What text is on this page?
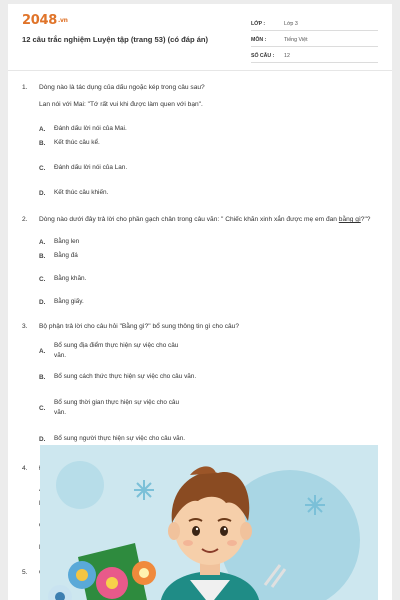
2048.vn
12 câu trắc nghiệm Luyện tập (trang 53) (có đáp án)
LỚP :	Lớp 3
MÔN :	Tiếng Việt
SỐ CÂU :	12
1.	Dòng nào là tác dụng của dấu ngoặc kép trong câu sau?
Lan nói với Mai: "Tớ rất vui khi được làm quen với bạn".
A.	Đánh dấu lời nói của Mai.
B.	Kết thúc câu kể.
C.	Đánh dấu lời nói của Lan.
D.	Kết thúc câu khiến.
2.	Dòng nào dưới đây trả lời cho phần gạch chân trong câu văn: " Chiếc khăn xinh xắn được mẹ em đan bằng gì?"?
A.	Bằng len
B.	Bằng đá
C.	Bằng khăn.
D.	Bằng giấy.
3.	Bộ phận trả lời cho câu hỏi "Bằng gì?" bổ sung thông tin gì cho câu?
A.
Bổ sung địa điểm thực hiện sự việc cho câu văn.
B.	Bổ sung cách thức thực hiện sự việc cho câu văn.
C.
Bổ sung thời gian thực hiện sự việc cho câu văn.
D.	Bổ sung người thực hiện sự việc cho câu văn.
4.
5.
